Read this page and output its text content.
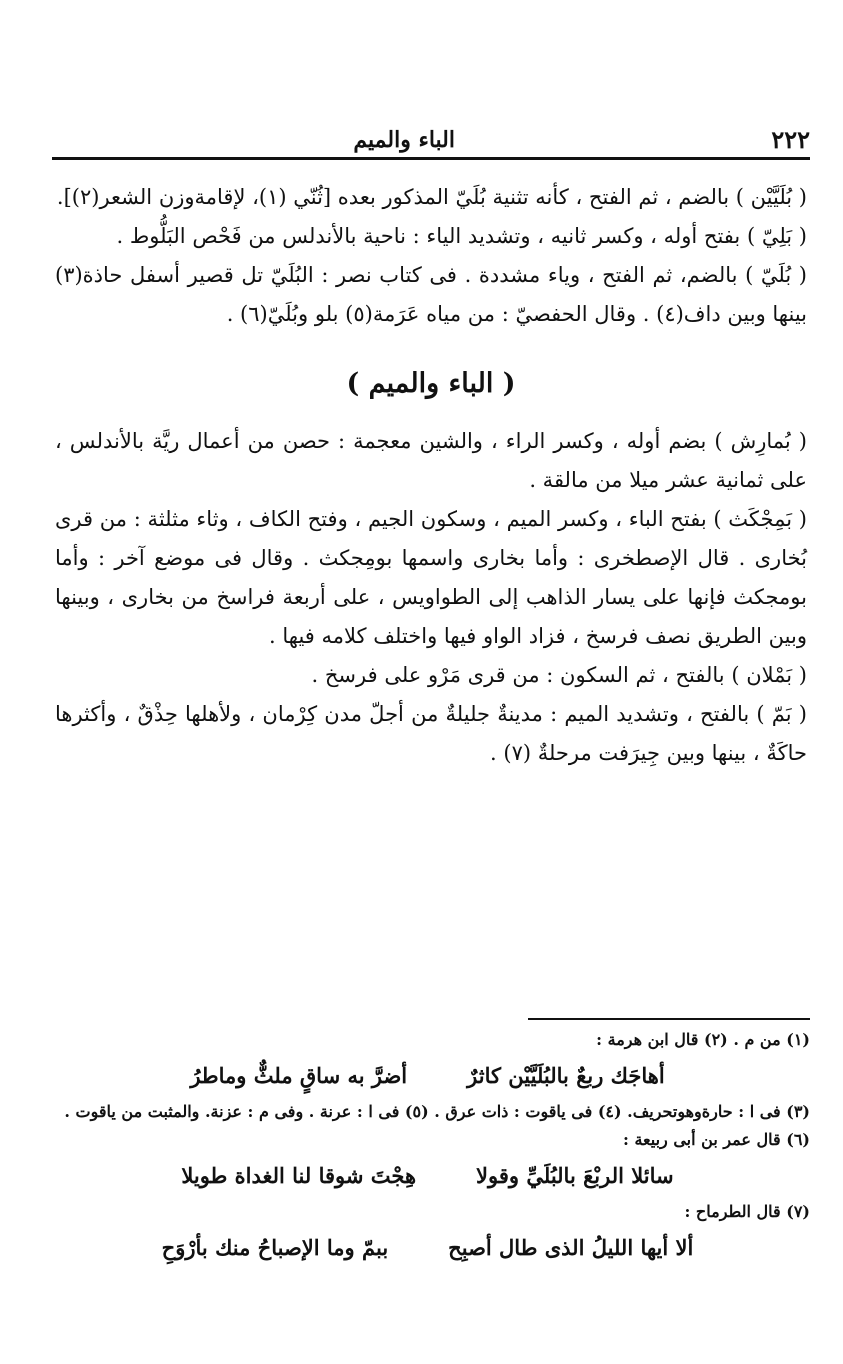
٢٢٢
الباء والميم

( بُلَيَّيْن ) بالضم ، ثم الفتح ، كأنه تثنية بُلَيّ المذكور بعده [ثُنّي (١)، لإقامةوزن الشعر(٢)].

( بَلِيّ ) بفتح أوله ، وكسر ثانيه ، وتشديد الياء : ناحية بالأندلس من فَحْص البَلُّوط .

( بُلَيّ ) بالضم، ثم الفتح ، وياء مشددة . فى كتاب نصر : البُلَيّ تل قصير أسفل حاذة(٣) بينها وبين داف(٤) . وقال الحفصيّ : من مياه عَرَمة(٥) بلو وبُلَيّ(٦) .

( الباء والميم )

( بُمارِش ) بضم أوله ، وكسر الراء ، والشين معجمة : حصن من أعمال ريَّة بالأندلس ، على ثمانية عشر ميلا من مالقة .

( بَمِجْكَث ) بفتح الباء ، وكسر الميم ، وسكون الجيم ، وفتح الكاف ، وثاء مثلثة : من قرى بُخارى . قال الإصطخرى : وأما بخارى واسمها بومِجكث . وقال فى موضع آخر : وأما بومجكث فإنها على يسار الذاهب إلى الطواويس ، على أربعة فراسخ من بخارى ، وبينها وبين الطريق نصف فرسخ ، فزاد الواو فيها واختلف كلامه فيها .

( بَمْلان ) بالفتح ، ثم السكون : من قرى مَرْو على فرسخ .

( بَمّ ) بالفتح ، وتشديد الميم : مدينةٌ جليلةٌ من أجلّ مدن كِرْمان ، ولأهلها حِذْقٌ ، وأكثرها حاكَةٌ ، بينها وبين جِيرَفت مرحلةٌ (٧) .

(١) من م . (٢) قال ابن هرمة :

أهاجَك ربعٌ بالبُلَيَّيْن كاثرٌ
أضرَّ به ساقٍ ملثٌّ وماطرُ

(٣) فى ا : حارةوهوتحريف. (٤) فى ياقوت : ذات عرق . (٥) فى ا : عرنة . وفى م : عزنة. والمثبت من ياقوت . (٦) قال عمر بن أبى ربيعة :

سائلا الربْعَ بالبُلَيِّ وقولا
هِجْتَ شوقا لنا الغداة طويلا

(٧) قال الطرماح :

ألا أيها الليلُ الذى طال أصبِح
ببمّ وما الإصباحُ منك بأرْوَحِ
